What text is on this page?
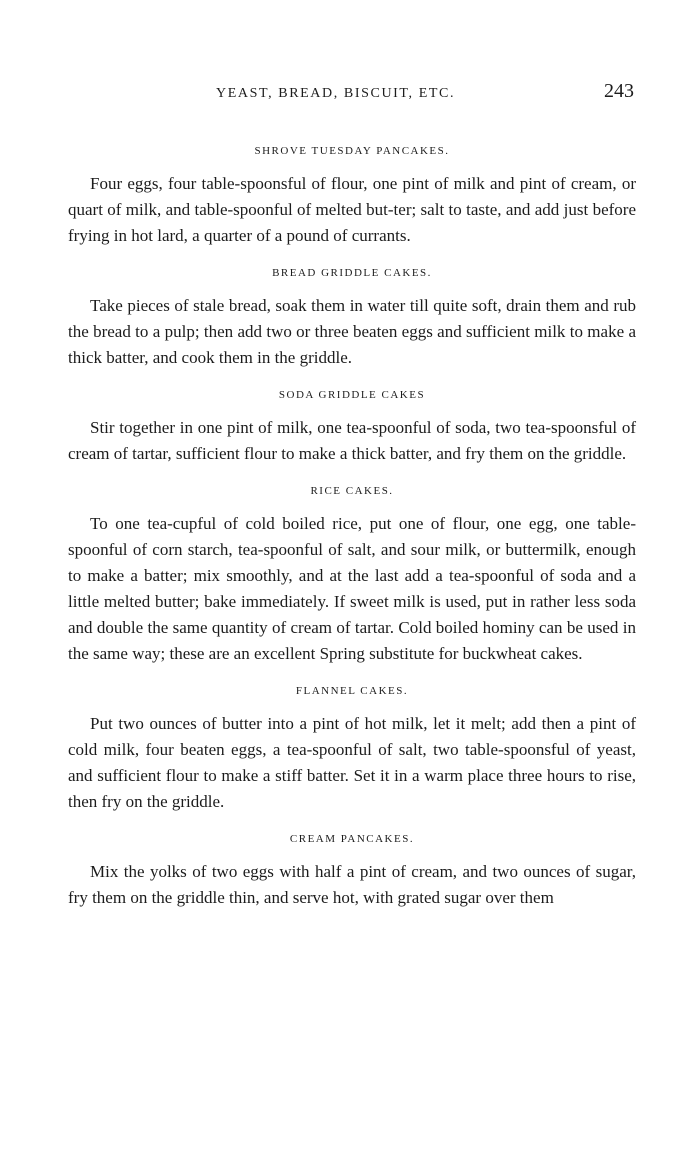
YEAST, BREAD, BISCUIT, ETC.	243
SHROVE TUESDAY PANCAKES.

Four eggs, four table-spoonsful of flour, one pint of milk and pint of cream, or quart of milk, and table-spoonful of melted but-ter; salt to taste, and add just before frying in hot lard, a quarter of a pound of currants.

BREAD GRIDDLE CAKES.

Take pieces of stale bread, soak them in water till quite soft, drain them and rub the bread to a pulp; then add two or three beaten eggs and sufficient milk to make a thick batter, and cook them in the griddle.

SODA GRIDDLE CAKES

Stir together in one pint of milk, one tea-spoonful of soda, two tea-spoonsful of cream of tartar, sufficient flour to make a thick batter, and fry them on the griddle.

RICE CAKES.

To one tea-cupful of cold boiled rice, put one of flour, one egg, one table-spoonful of corn starch, tea-spoonful of salt, and sour milk, or buttermilk, enough to make a batter; mix smoothly, and at the last add a tea-spoonful of soda and a little melted butter; bake immediately. If sweet milk is used, put in rather less soda and double the same quantity of cream of tartar. Cold boiled hominy can be used in the same way; these are an excellent Spring substitute for buckwheat cakes.

FLANNEL CAKES.

Put two ounces of butter into a pint of hot milk, let it melt; add then a pint of cold milk, four beaten eggs, a tea-spoonful of salt, two table-spoonsful of yeast, and sufficient flour to make a stiff batter. Set it in a warm place three hours to rise, then fry on the griddle.

CREAM PANCAKES.

Mix the yolks of two eggs with half a pint of cream, and two ounces of sugar, fry them on the griddle thin, and serve hot, with grated sugar over them
